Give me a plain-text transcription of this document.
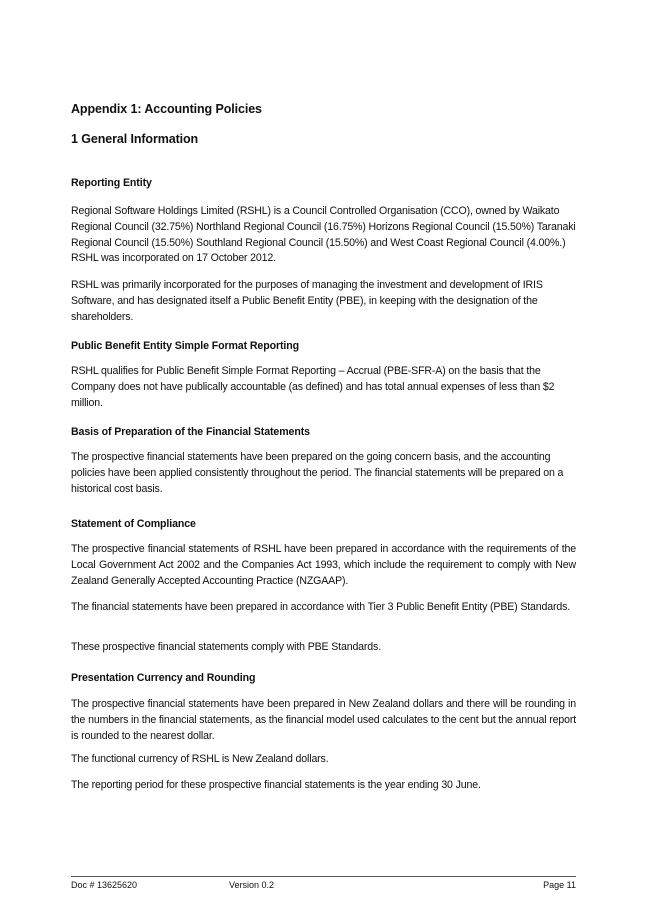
Appendix 1: Accounting Policies
1 General Information
Reporting Entity

Regional Software Holdings Limited (RSHL) is a Council Controlled Organisation (CCO), owned by Waikato Regional Council (32.75%) Northland Regional Council (16.75%) Horizons Regional Council (15.50%) Taranaki Regional Council (15.50%) Southland Regional Council (15.50%) and West Coast Regional Council (4.00%.) RSHL was incorporated on 17 October 2012.

RSHL was primarily incorporated for the purposes of managing the investment and development of IRIS Software, and has designated itself a Public Benefit Entity (PBE), in keeping with the designation of the shareholders.

Public Benefit Entity Simple Format Reporting

RSHL qualifies for Public Benefit Simple Format Reporting – Accrual (PBE-SFR-A) on the basis that the Company does not have publically accountable (as defined) and has total annual expenses of less than $2 million.

Basis of Preparation of the Financial Statements

The prospective financial statements have been prepared on the going concern basis, and the accounting policies have been applied consistently throughout the period. The financial statements will be prepared on a historical cost basis.

Statement of Compliance

The prospective financial statements of RSHL have been prepared in accordance with the requirements of the Local Government Act 2002 and the Companies Act 1993, which include the requirement to comply with New Zealand Generally Accepted Accounting Practice (NZGAAP).

The financial statements have been prepared in accordance with Tier 3 Public Benefit Entity (PBE) Standards.

These prospective financial statements comply with PBE Standards.

Presentation Currency and Rounding

The prospective financial statements have been prepared in New Zealand dollars and there will be rounding in the numbers in the financial statements, as the financial model used calculates to the cent but the annual report is rounded to the nearest dollar.

The functional currency of RSHL is New Zealand dollars.

The reporting period for these prospective financial statements is the year ending 30 June.

Doc # 13625620	Version 0.2	Page 11
